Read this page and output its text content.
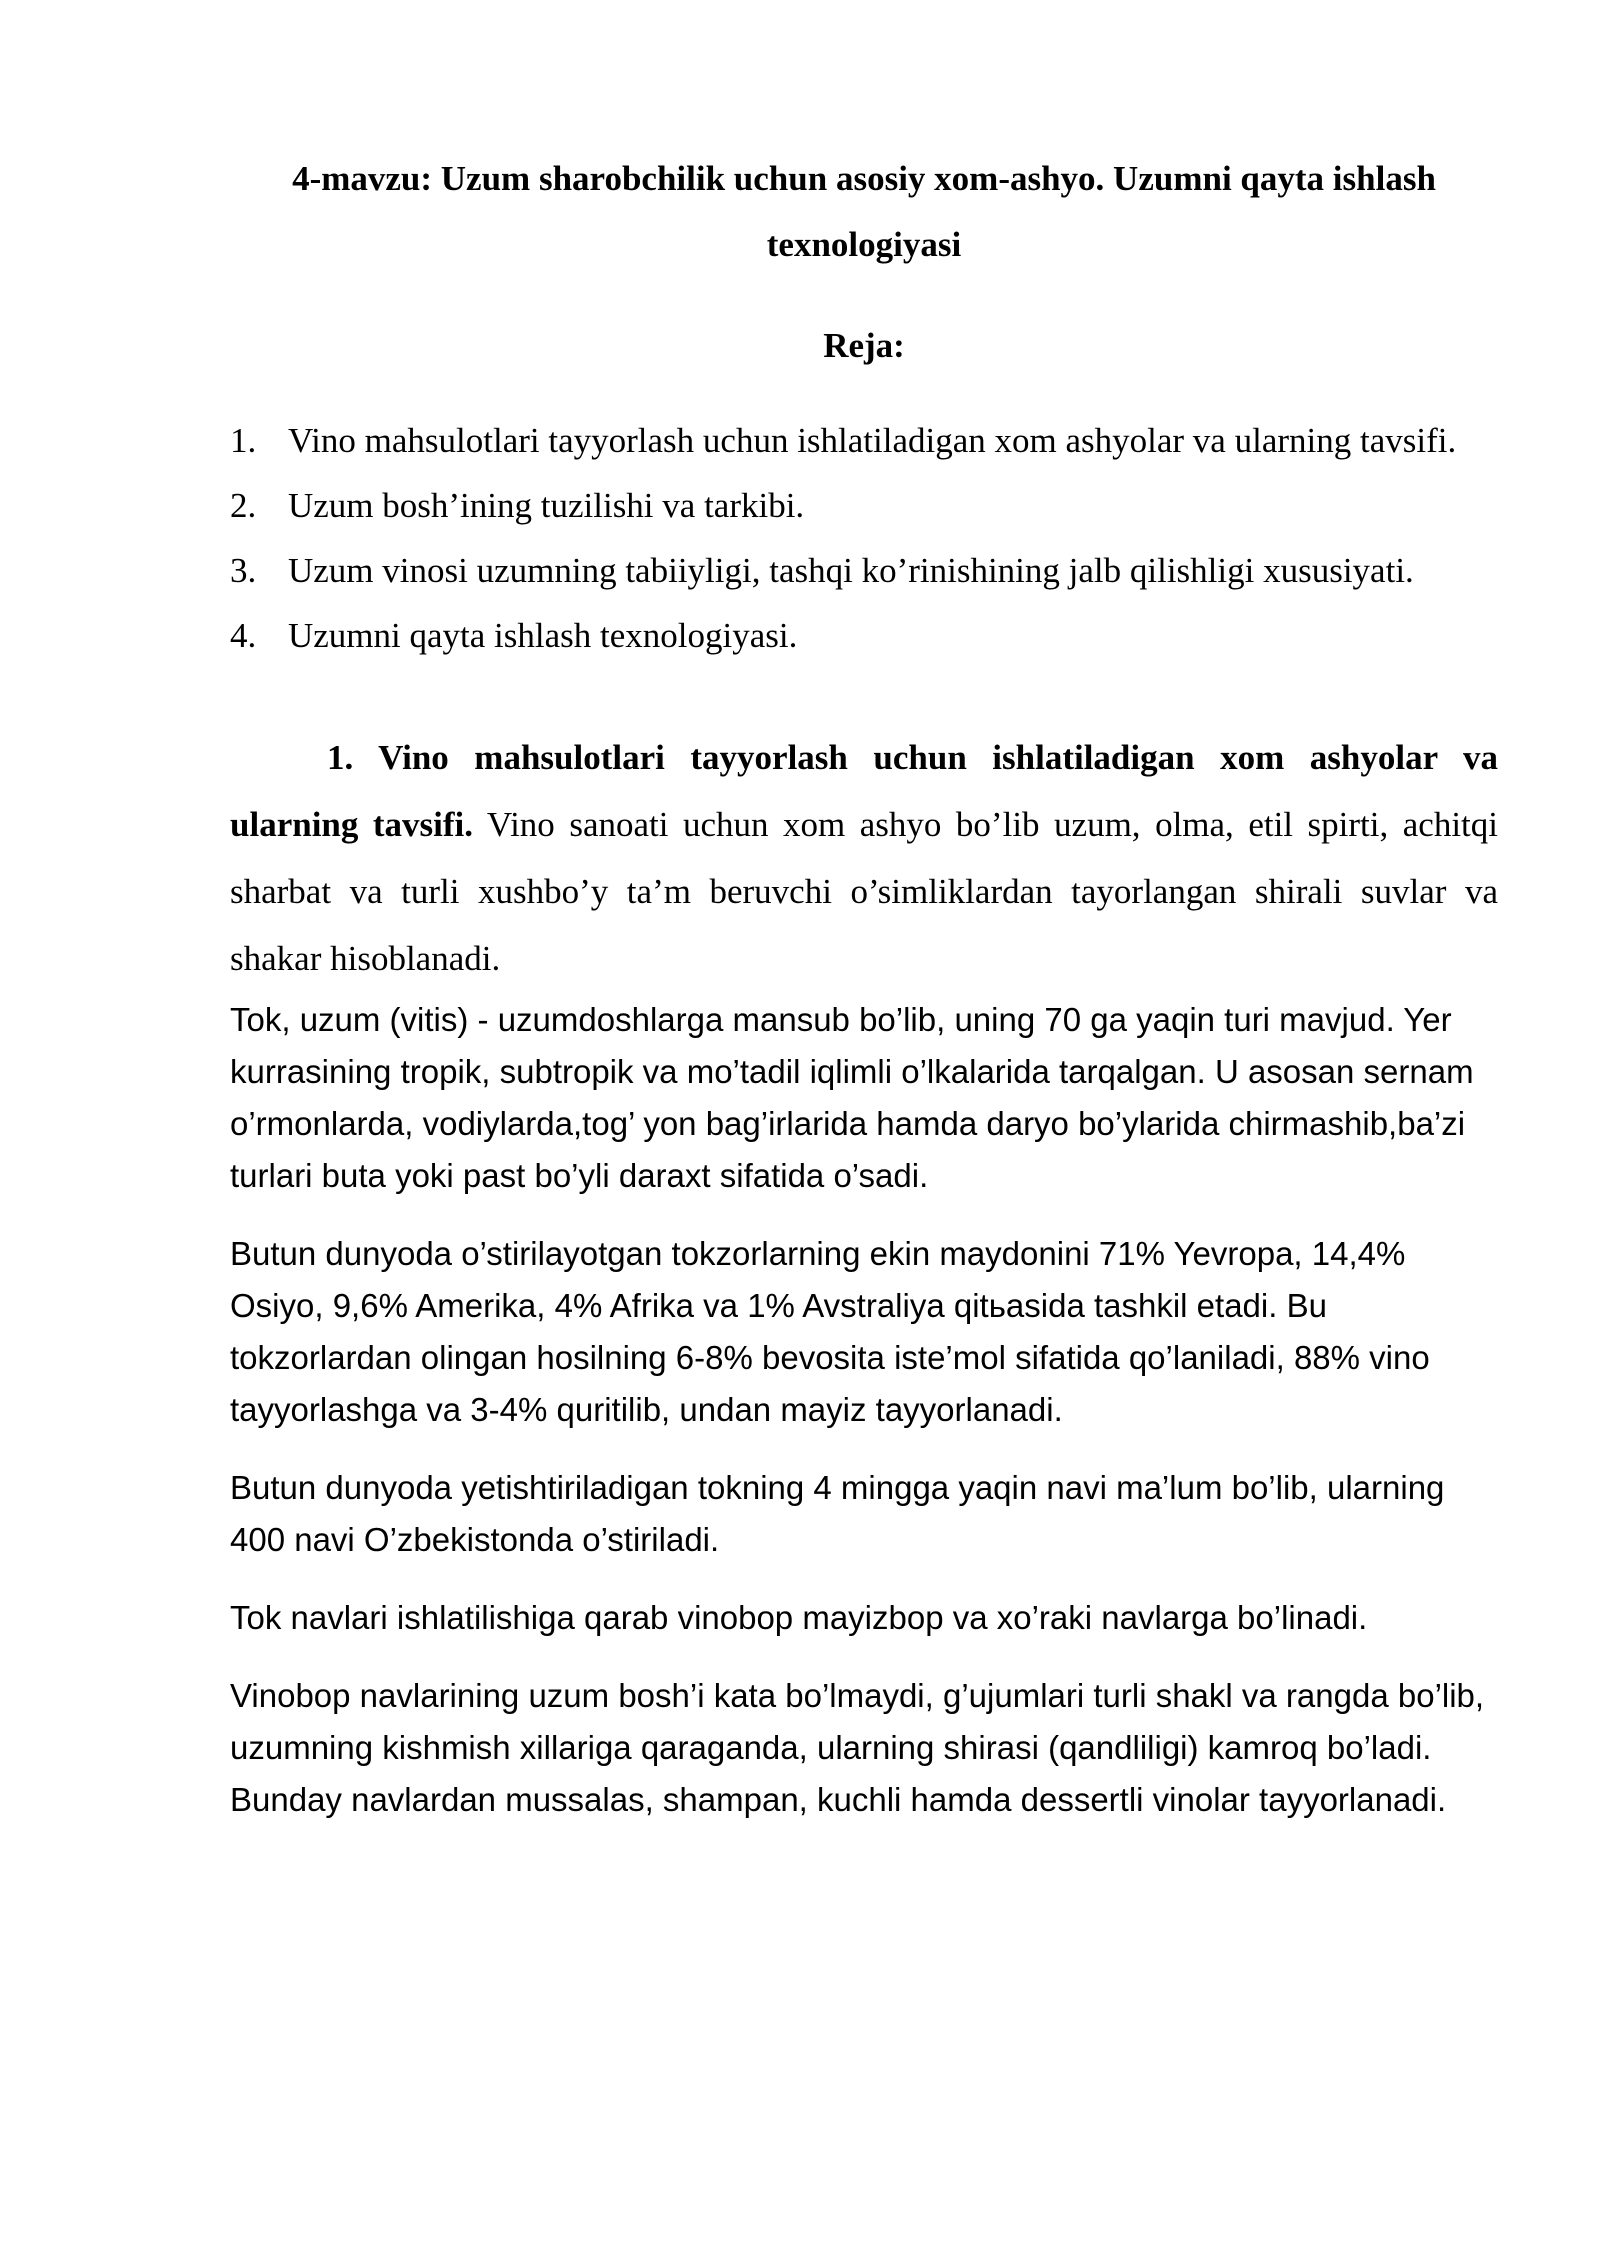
4-mavzu: Uzum sharobchilik uchun asosiy xom-ashyo. Uzumni qayta ishlash texnologiyasi
Reja:
1. Vino mahsulotlari tayyorlash uchun ishlatiladigan xom ashyolar va ularning tavsifi.
2. Uzum bosh’ining tuzilishi va tarkibi.
3. Uzum vinosi uzumning tabiiyligi, tashqi ko’rinishining jalb qilishligi xususiyati.
4. Uzumni qayta ishlash texnologiyasi.

1. Vino mahsulotlari tayyorlash uchun ishlatiladigan xom ashyolar va ularning tavsifi. Vino sanoati uchun xom ashyo bo’lib uzum, olma, etil spirti, achitqi sharbat va turli xushbo’y ta’m beruvchi o’simliklardan tayorlangan shirali suvlar va shakar hisoblanadi.

Tok, uzum (vitis) - uzumdoshlarga mansub bo’lib, uning 70 ga yaqin turi mavjud. Yer kurrasining tropik, subtropik va mo’tadil iqlimli o’lkalarida tarqalgan. U asosan sernam o’rmonlarda, vodiylarda,tog’ yon bag’irlarida hamda daryo bo’ylarida chirmashib,ba’zi turlari buta yoki past bo’yli daraxt sifatida o’sadi.

Butun dunyoda o’stirilayotgan tokzorlarning ekin maydonini 71% Yevropa, 14,4% Osiyo, 9,6% Amerika, 4% Afrika va 1% Avstraliya qitьasida tashkil etadi. Bu tokzorlardan olingan hosilning 6-8% bevosita iste’mol sifatida qo’laniladi, 88% vino tayyorlashga va 3-4% quritilib, undan mayiz tayyorlanadi.

Butun dunyoda yetishtiriladigan tokning 4 mingga yaqin navi ma’lum bo’lib, ularning 400 navi O’zbekistonda o’stiriladi.

Tok navlari ishlatilishiga qarab vinobop mayizbop va xo’raki navlarga bo’linadi.

Vinobop navlarining uzum bosh’i kata bo’lmaydi, g’ujumlari turli shakl va rangda bo’lib, uzumning kishmish xillariga qaraganda, ularning shirasi (qandliligi) kamroq bo’ladi. Bunday navlardan mussalas, shampan, kuchli hamda dessertli vinolar tayyorlanadi.
